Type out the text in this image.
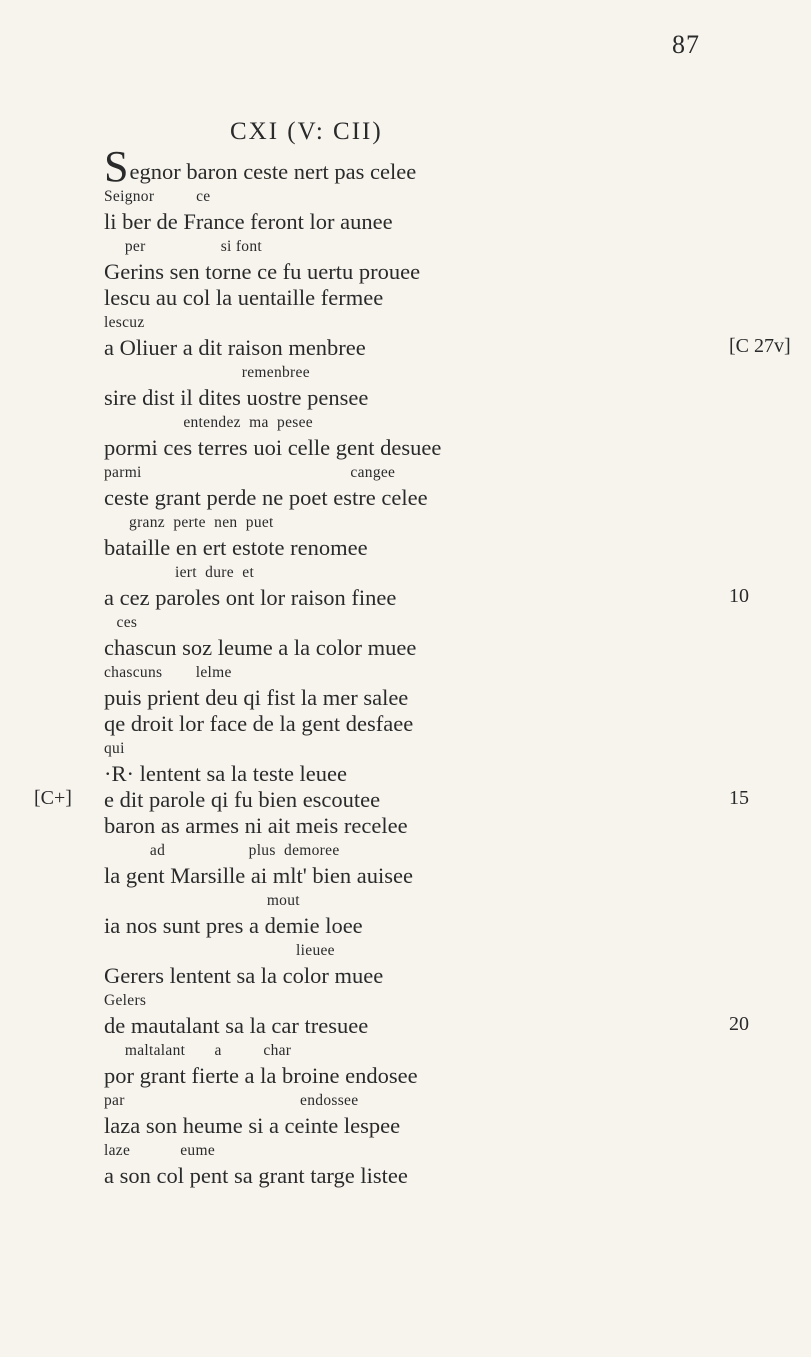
87
CXI (V: CII)
Segnor baron ceste nert pas celee
Seignor          ce
li ber de France feront lor aunee
per                  si font
Gerins sen torne ce fu uertu prouee
lescu au col la uentaille fermee
lescuz
a Oliuer a dit raison menbree	[C 27v]
remenbree
sire dist il dites uostre pensee
entendez  ma  pesee
pormi ces terres uoi celle gent desuee
parmi                                                  cangee
ceste grant perde ne poet estre celee
granz  perte  nen  puet
bataille en ert estote renomee
iert  dure  et
a cez paroles ont lor raison finee	10
ces
chascun soz leume a la color muee
chascuns        lelme
puis prient deu qi fist la mer salee
qe droit lor face de la gent desfaee
qui
·R· lentent sa la teste leuee
e dit parole qi fu bien escoutee	15
[C+]
baron as armes ni ait meis recelee
ad                    plus  demoree
la gent Marsille ai mlt' bien auisee
mout
ia nos sunt pres a demie loee
lieuee
Gerers lentent sa la color muee
Gelers
de mautalant sa la car tresuee	20
maltalant       a          char
por grant fierte a la broine endosee
par                                          endossee
laza son heume si a ceinte lespee
laze            eume
a son col pent sa grant targe listee
